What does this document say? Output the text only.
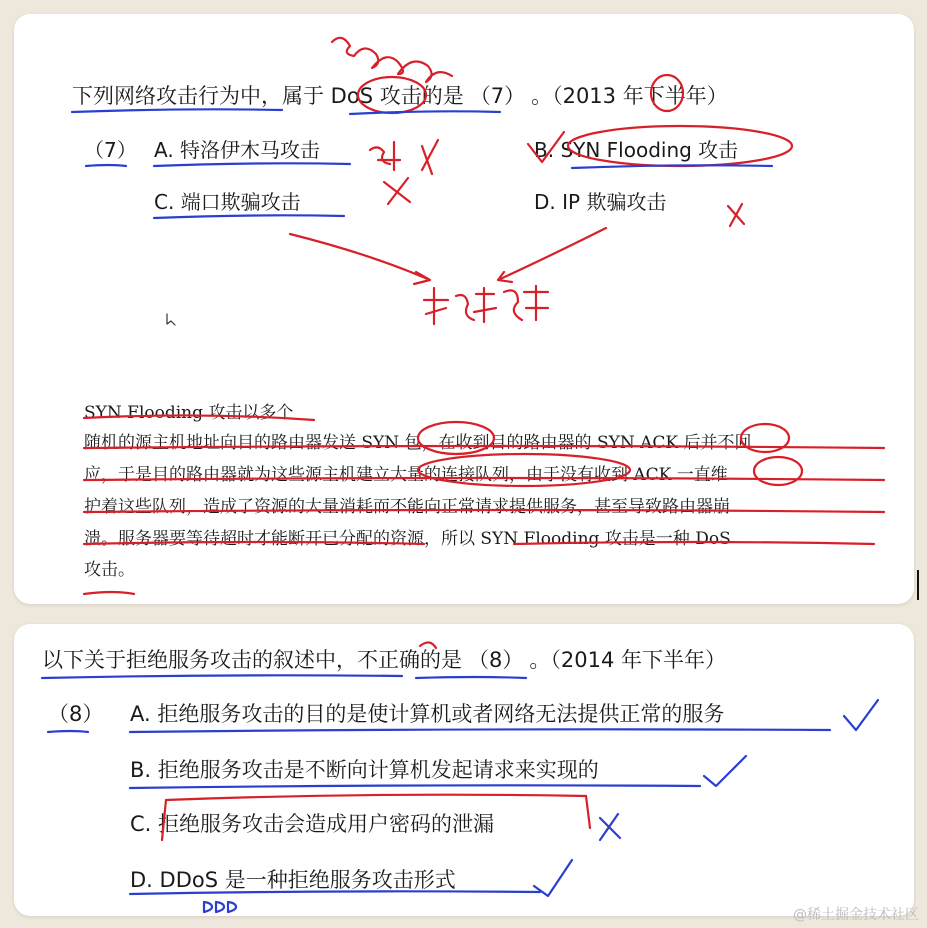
下列网络攻击行为中，属于 DoS 攻击的是 （7） 。（2013 年下半年）
（7） A. 特洛伊木马攻击	B. SYN Flooding 攻击
C. 端口欺骗攻击	D. IP 欺骗攻击
SYN Flooding 攻击以多个
随机的源主机地址向目的路由器发送 SYN 包，在收到目的路由器的 SYN ACK 后并不回
应，于是目的路由器就为这些源主机建立大量的连接队列，由于没有收到 ACK 一直维
护着这些队列，造成了资源的大量消耗而不能向正常请求提供服务，甚至导致路由器崩
溃。服务器要等待超时才能断开已分配的资源，所以 SYN Flooding 攻击是一种 DoS
攻击。
以下关于拒绝服务攻击的叙述中，不正确的是 （8） 。（2014 年下半年）
（8） A. 拒绝服务攻击的目的是使计算机或者网络无法提供正常的服务
B. 拒绝服务攻击是不断向计算机发起请求来实现的
C. 拒绝服务攻击会造成用户密码的泄漏
D. DDoS 是一种拒绝服务攻击形式
@稀土掘金技术社区
